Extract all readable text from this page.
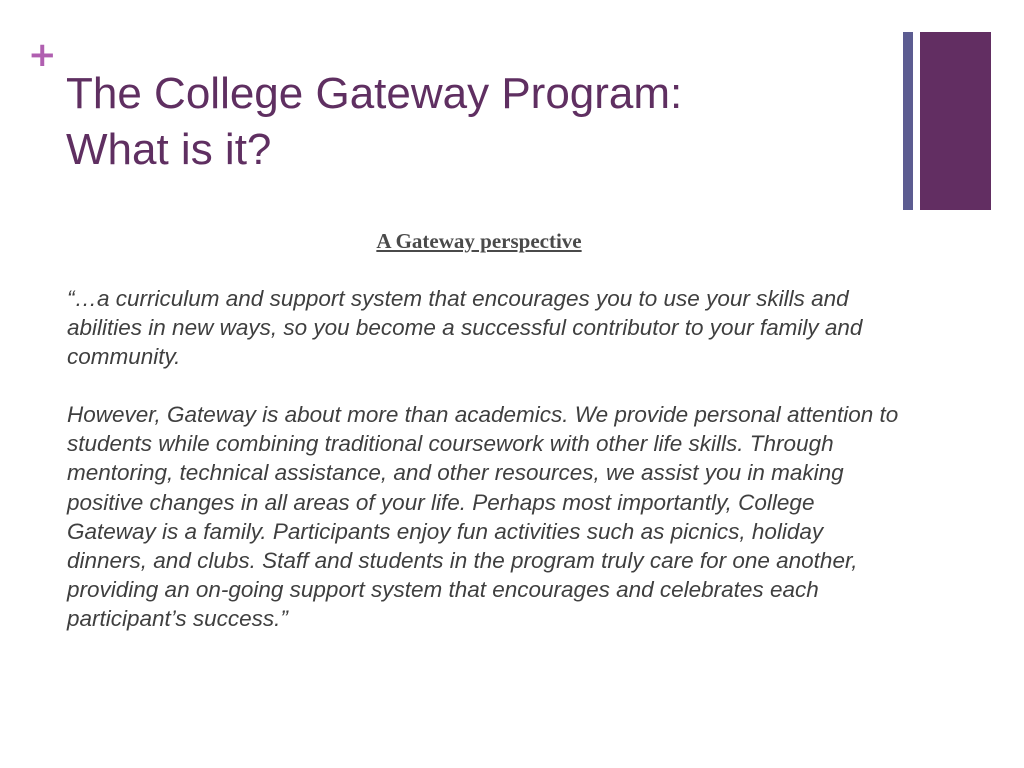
+
The College Gateway Program:
What is it?
A Gateway perspective

“…a curriculum and support system that encourages you to use your skills and abilities in new ways, so you become a successful contributor to your family and community.

However, Gateway is about more than academics. We provide personal attention to students while combining traditional coursework with other life skills. Through mentoring, technical assistance, and other resources, we assist you in making positive changes in all areas of your life. Perhaps most importantly, College Gateway is a family. Participants enjoy fun activities such as picnics, holiday dinners, and clubs. Staff and students in the program truly care for one another, providing an on-going support system that encourages and celebrates each participant’s success.”
